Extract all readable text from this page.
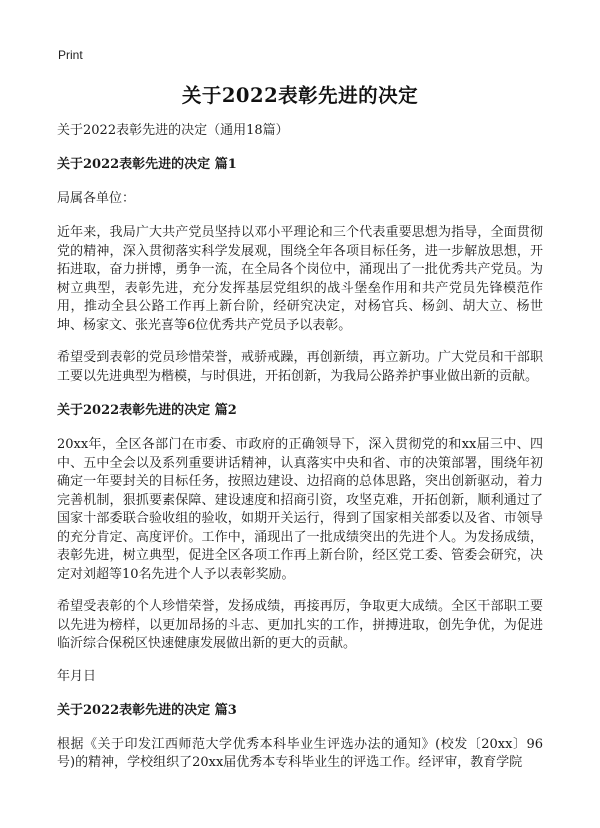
Print
关于2022表彰先进的决定

关于2022表彰先进的决定（通用18篇）

关于2022表彰先进的决定 篇1

局属各单位：

近年来，我局广大共产党员坚持以邓小平理论和三个代表重要思想为指导，全面贯彻党的精神，深入贯彻落实科学发展观，围绕全年各项目标任务，进一步解放思想，开拓进取，奋力拼博，勇争一流，在全局各个岗位中，涌现出了一批优秀共产党员。为树立典型，表彰先进，充分发挥基层党组织的战斗堡垒作用和共产党员先锋模范作用，推动全县公路工作再上新台阶，经研究决定，对杨官兵、杨剑、胡大立、杨世坤、杨家文、张光喜等6位优秀共产党员予以表彰。

希望受到表彰的党员珍惜荣誉，戒骄戒躁，再创新绩，再立新功。广大党员和干部职工要以先进典型为楷模，与时俱进，开拓创新，为我局公路养护事业做出新的贡献。

关于2022表彰先进的决定 篇2

20xx年，全区各部门在市委、市政府的正确领导下，深入贯彻党的和xx届三中、四中、五中全会以及系列重要讲话精神，认真落实中央和省、市的决策部署，围绕年初确定一年要封关的目标任务，按照边建设、边招商的总体思路，突出创新驱动，着力完善机制，狠抓要素保障、建设速度和招商引资，攻坚克难，开拓创新，顺利通过了国家十部委联合验收组的验收，如期开关运行，得到了国家相关部委以及省、市领导的充分肯定、高度评价。工作中，涌现出了一批成绩突出的先进个人。为发扬成绩，表彰先进，树立典型，促进全区各项工作再上新台阶，经区党工委、管委会研究，决定对刘超等10名先进个人予以表彰奖励。

希望受表彰的个人珍惜荣誉，发扬成绩，再接再厉，争取更大成绩。全区干部职工要以先进为榜样，以更加昂扬的斗志、更加扎实的工作，拼搏进取，创先争优，为促进临沂综合保税区快速健康发展做出新的更大的贡献。

年月日

关于2022表彰先进的决定 篇3

根据《关于印发江西师范大学优秀本科毕业生评选办法的通知》(校发〔20xx〕96号)的精神，学校组织了20xx届优秀本专科毕业生的评选工作。经评审，教育学院
